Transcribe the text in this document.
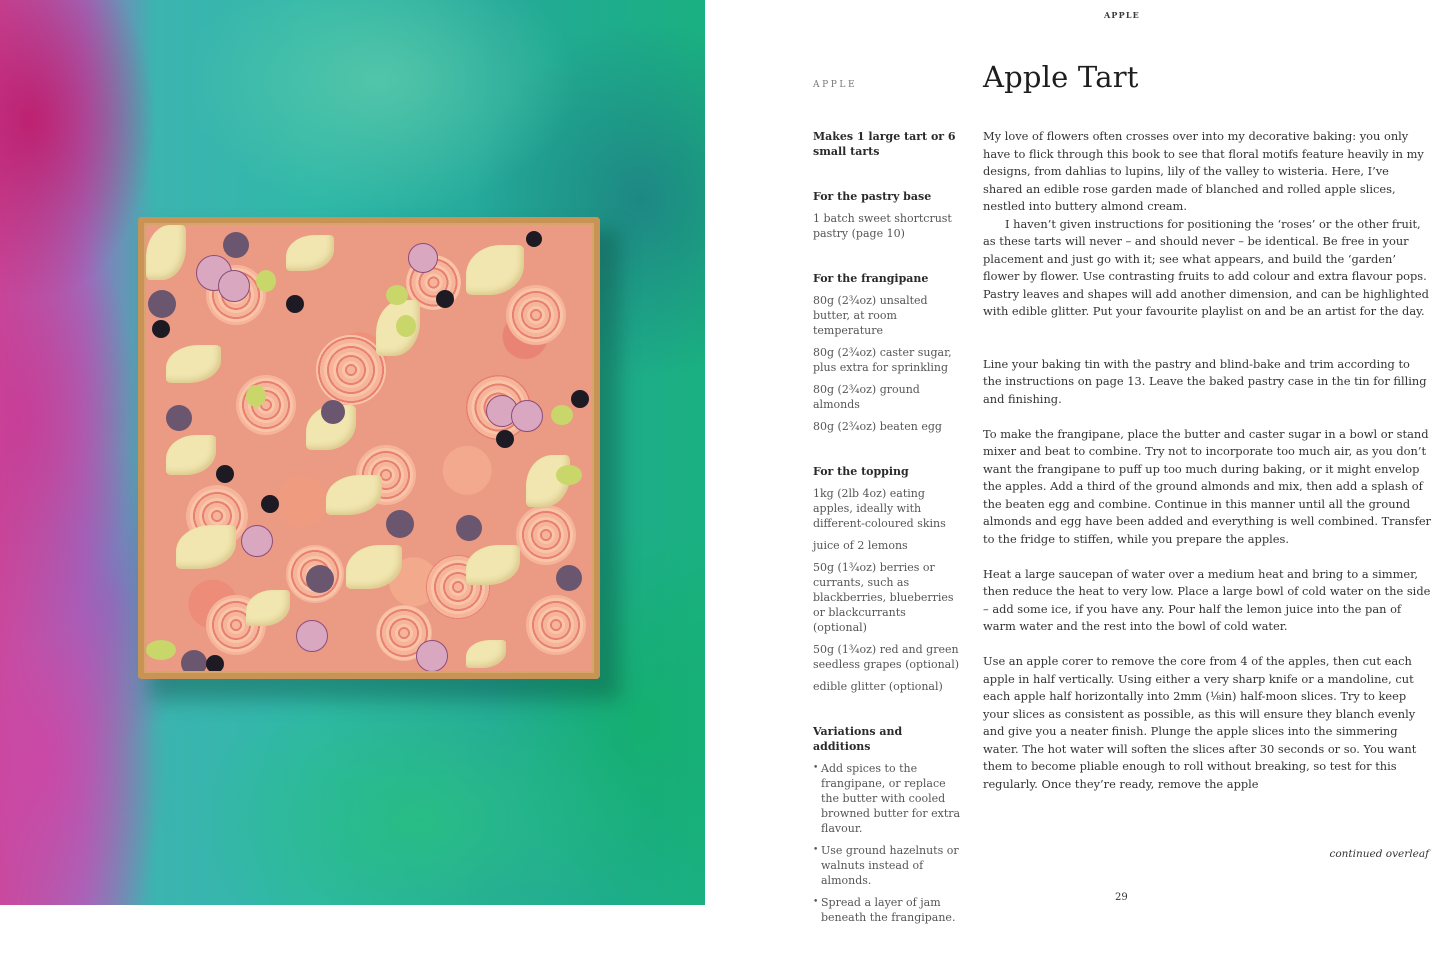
APPLE
APPLE	Apple Tart

Makes 1 large tart or 6 small tarts

For the pastry base

1 batch sweet shortcrust pastry (page 10)

For the frangipane

80g (2¾oz) unsalted butter, at room temperature

80g (2¾oz) caster sugar, plus extra for sprinkling

80g (2¾oz) ground almonds

80g (2¾oz) beaten egg

For the topping

1kg (2lb 4oz) eating apples, ideally with different-coloured skins

juice of 2 lemons

50g (1¾oz) berries or currants, such as blackberries, blueberries or blackcurrants (optional)

50g (1¾oz) red and green seedless grapes (optional)

edible glitter (optional)

Variations and additions
• Add spices to the frangipane, or replace the butter with cooled browned butter for extra flavour.
• Use ground hazelnuts or walnuts instead of almonds.
• Spread a layer of jam beneath the frangipane.

My love of flowers often crosses over into my decorative baking: you only have to flick through this book to see that floral motifs feature heavily in my designs, from dahlias to lupins, lily of the valley to wisteria. Here, I’ve shared an edible rose garden made of blanched and rolled apple slices, nestled into buttery almond cream.

I haven’t given instructions for positioning the ‘roses’ or the other fruit, as these tarts will never – and should never – be identical. Be free in your placement and just go with it; see what appears, and build the ‘garden’ flower by flower. Use contrasting fruits to add colour and extra flavour pops. Pastry leaves and shapes will add another dimension, and can be highlighted with edible glitter. Put your favourite playlist on and be an artist for the day.

Line your baking tin with the pastry and blind-bake and trim according to the instructions on page 13. Leave the baked pastry case in the tin for filling and finishing.

To make the frangipane, place the butter and caster sugar in a bowl or stand mixer and beat to combine. Try not to incorporate too much air, as you don’t want the frangipane to puff up too much during baking, or it might envelop the apples. Add a third of the ground almonds and mix, then add a splash of the beaten egg and combine. Continue in this manner until all the ground almonds and egg have been added and everything is well combined. Transfer to the fridge to stiffen, while you prepare the apples.

Heat a large saucepan of water over a medium heat and bring to a simmer, then reduce the heat to very low. Place a large bowl of cold water on the side – add some ice, if you have any. Pour half the lemon juice into the pan of warm water and the rest into the bowl of cold water.

Use an apple corer to remove the core from 4 of the apples, then cut each apple in half vertically. Using either a very sharp knife or a mandoline, cut each apple half horizontally into 2mm (⅛in) half-moon slices. Try to keep your slices as consistent as possible, as this will ensure they blanch evenly and give you a neater finish. Plunge the apple slices into the simmering water. The hot water will soften the slices after 30 seconds or so. You want them to become pliable enough to roll without breaking, so test for this regularly. Once they’re ready, remove the apple

continued overleaf
29
